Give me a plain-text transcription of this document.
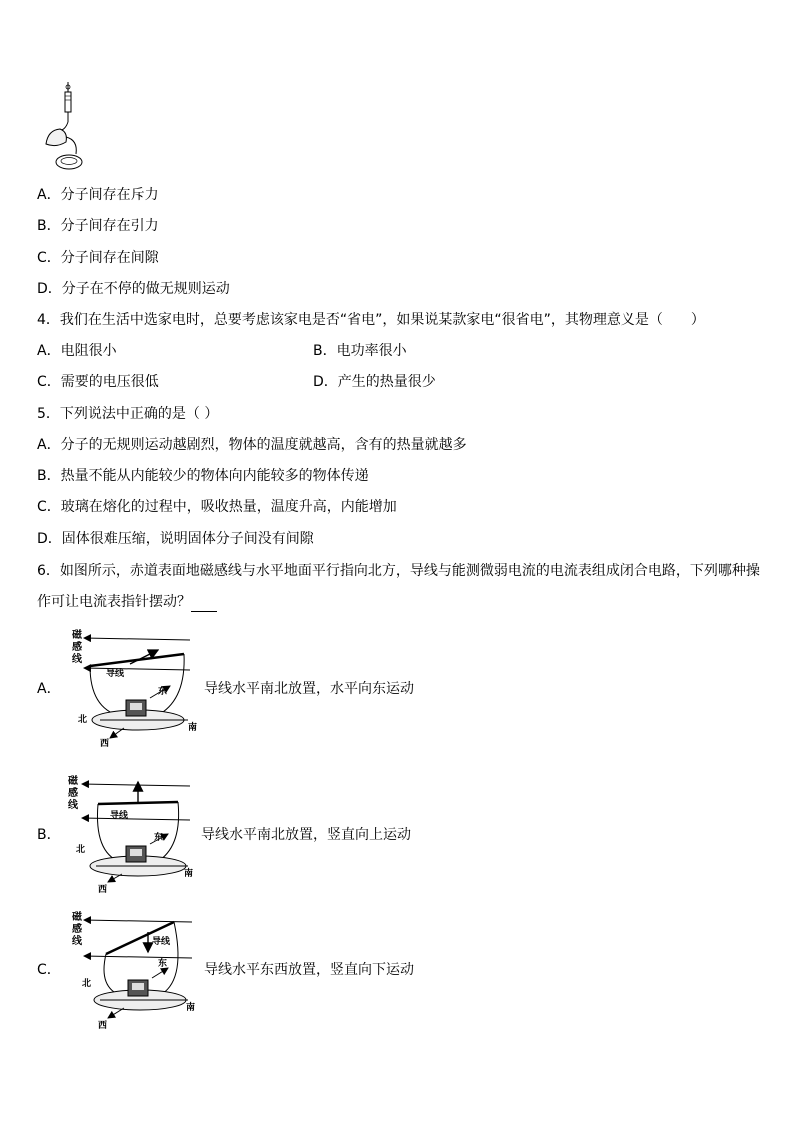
A．分子间存在斥力
B．分子间存在引力
C．分子间存在间隙
D．分子在不停的做无规则运动
4．我们在生活中选家电时，总要考虑该家电是否“省电”，如果说某款家电“很省电”，其物理意义是（　　）
A．电阻很小	B．电功率很小
C．需要的电压很低	D．产生的热量很少
5．下列说法中正确的是（ ）
A．分子的无规则运动越剧烈，物体的温度就越高，含有的热量就越多
B．热量不能从内能较少的物体向内能较多的物体传递
C．玻璃在熔化的过程中，吸收热量，温度升高，内能增加
D．固体很难压缩，说明固体分子间没有间隙
6．如图所示，赤道表面地磁感线与水平地面平行指向北方，导线与能测微弱电流的电流表组成闭合电路，下列哪种操
作可让电流表指针摆动？
A．
磁
感
线
导线
东
北
南
西
导线水平南北放置，水平向东运动
B．
磁
感
线
导线
东
北
南
西
导线水平南北放置，竖直向上运动
C．
磁
感
线	导线
东
北
南
西
导线水平东西放置，竖直向下运动
